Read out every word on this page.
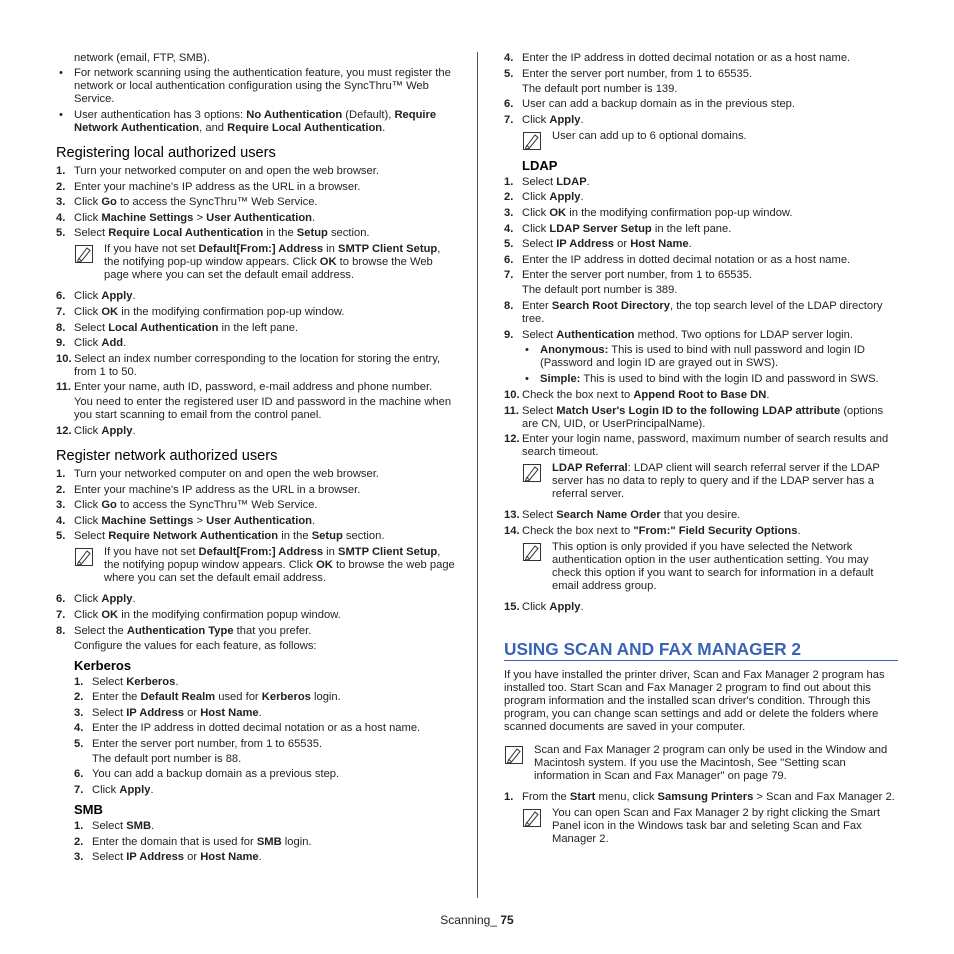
network (email, FTP, SMB).

• For network scanning using the authentication feature, you must register the network or local authentication configuration using the SyncThru™ Web Service.
• User authentication has 3 options: No Authentication (Default), Require Network Authentication, and Require Local Authentication.
Registering local authorized users
1. Turn your networked computer on and open the web browser.
2. Enter your machine's IP address as the URL in a browser.
3. Click Go to access the SyncThru™ Web Service.
4. Click Machine Settings > User Authentication.
5. Select Require Local Authentication in the Setup section.

If you have not set Default[From:] Address in SMTP Client Setup, the notifying pop-up window appears. Click OK to browse the Web page where you can set the default email address.

6. Click Apply.
7. Click OK in the modifying confirmation pop-up window.
8. Select Local Authentication in the left pane.
9. Click Add.
10. Select an index number corresponding to the location for storing the entry, from 1 to 50.
11. Enter your name, auth ID, password, e-mail address and phone number.
You need to enter the registered user ID and password in the machine when you start scanning to email from the control panel.
12. Click Apply.
Register network authorized users
1. Turn your networked computer on and open the web browser.
2. Enter your machine's IP address as the URL in a browser.
3. Click Go to access the SyncThru™ Web Service.
4. Click Machine Settings > User Authentication.
5. Select Require Network Authentication in the Setup section.

If you have not set Default[From:] Address in SMTP Client Setup, the notifying popup window appears. Click OK to browse the web page where you can set the default email address.

6. Click Apply.
7. Click OK in the modifying confirmation popup window.
8. Select the Authentication Type that you prefer.
Configure the values for each feature, as follows:
Kerberos
1. Select Kerberos.
2. Enter the Default Realm used for Kerberos login.
3. Select IP Address or Host Name.
4. Enter the IP address in dotted decimal notation or as a host name.
5. Enter the server port number, from 1 to 65535.
The default port number is 88.
6. You can add a backup domain as a previous step.
7. Click Apply.
SMB
1. Select SMB.
2. Enter the domain that is used for SMB login.
3. Select IP Address or Host Name.
4. Enter the IP address in dotted decimal notation or as a host name.
5. Enter the server port number, from 1 to 65535.
The default port number is 139.
6. User can add a backup domain as in the previous step.
7. Click Apply.

User can add up to 6 optional domains.

LDAP
1. Select LDAP.
2. Click Apply.
3. Click OK in the modifying confirmation pop-up window.
4. Click LDAP Server Setup in the left pane.
5. Select IP Address or Host Name.
6. Enter the IP address in dotted decimal notation or as a host name.
7. Enter the server port number, from 1 to 65535.
The default port number is 389.
8. Enter Search Root Directory, the top search level of the LDAP directory tree.
9. Select Authentication method. Two options for LDAP server login.
• Anonymous: This is used to bind with null password and login ID (Password and login ID are grayed out in SWS).
• Simple: This is used to bind with the login ID and password in SWS.
10. Check the box next to Append Root to Base DN.
11. Select Match User's Login ID to the following LDAP attribute (options are CN, UID, or UserPrincipalName).
12. Enter your login name, password, maximum number of search results and search timeout.

LDAP Referral: LDAP client will search referral server if the LDAP server has no data to reply to query and if the LDAP server has a referral server.

13. Select Search Name Order that you desire.
14. Check the box next to "From:" Field Security Options.

This option is only provided if you have selected the Network authentication option in the user authentication setting. You may check this option if you want to search for information in a default email address group.

15. Click Apply.
USING SCAN AND FAX MANAGER 2

If you have installed the printer driver, Scan and Fax Manager 2 program has installed too. Start Scan and Fax Manager 2 program to find out about this program information and the installed scan driver's condition. Through this program, you can change scan settings and add or delete the folders where scanned documents are saved in your computer.

Scan and Fax Manager 2 program can only be used in the Window and Macintosh system. If you use the Macintosh, See "Setting scan information in Scan and Fax Manager" on page 79.

1. From the Start menu, click Samsung Printers > Scan and Fax Manager 2.

You can open Scan and Fax Manager 2 by right clicking the Smart Panel icon in the Windows task bar and seleting Scan and Fax Manager 2.

Scanning_ 75
